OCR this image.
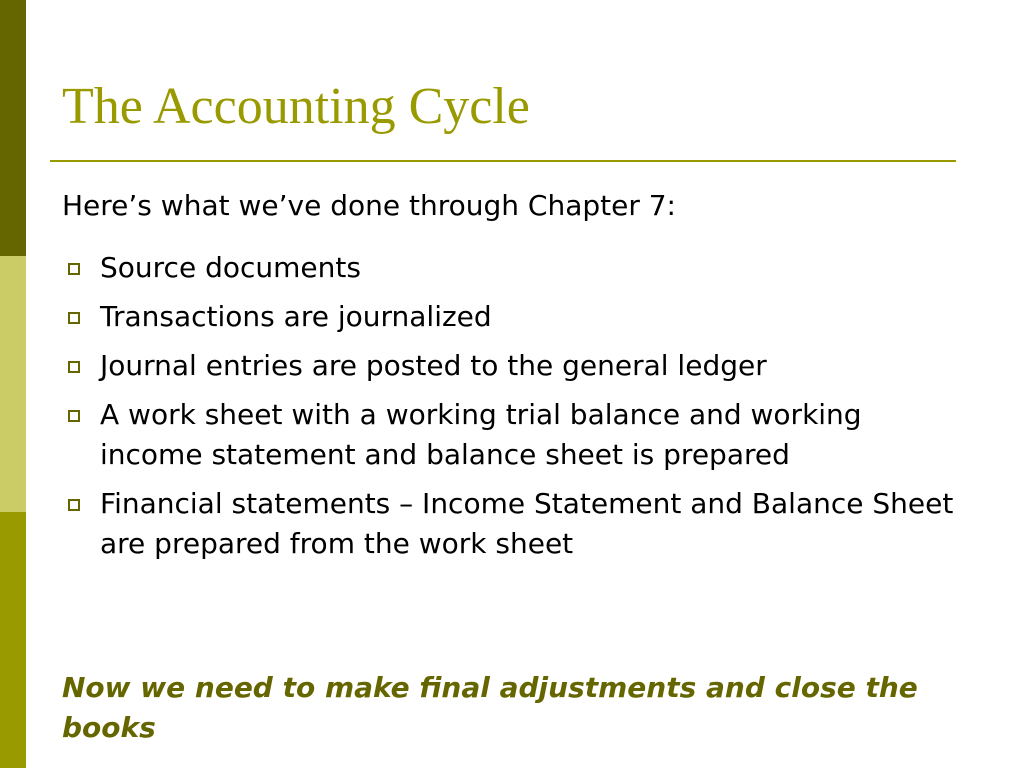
The Accounting Cycle

Here’s what we’ve done through Chapter 7:

Source documents
Transactions are journalized
Journal entries are posted to the general ledger
A work sheet with a working trial balance and working income statement and balance sheet is prepared
Financial statements – Income Statement and Balance Sheet are prepared from the work sheet

Now we need to make final adjustments and close the books
